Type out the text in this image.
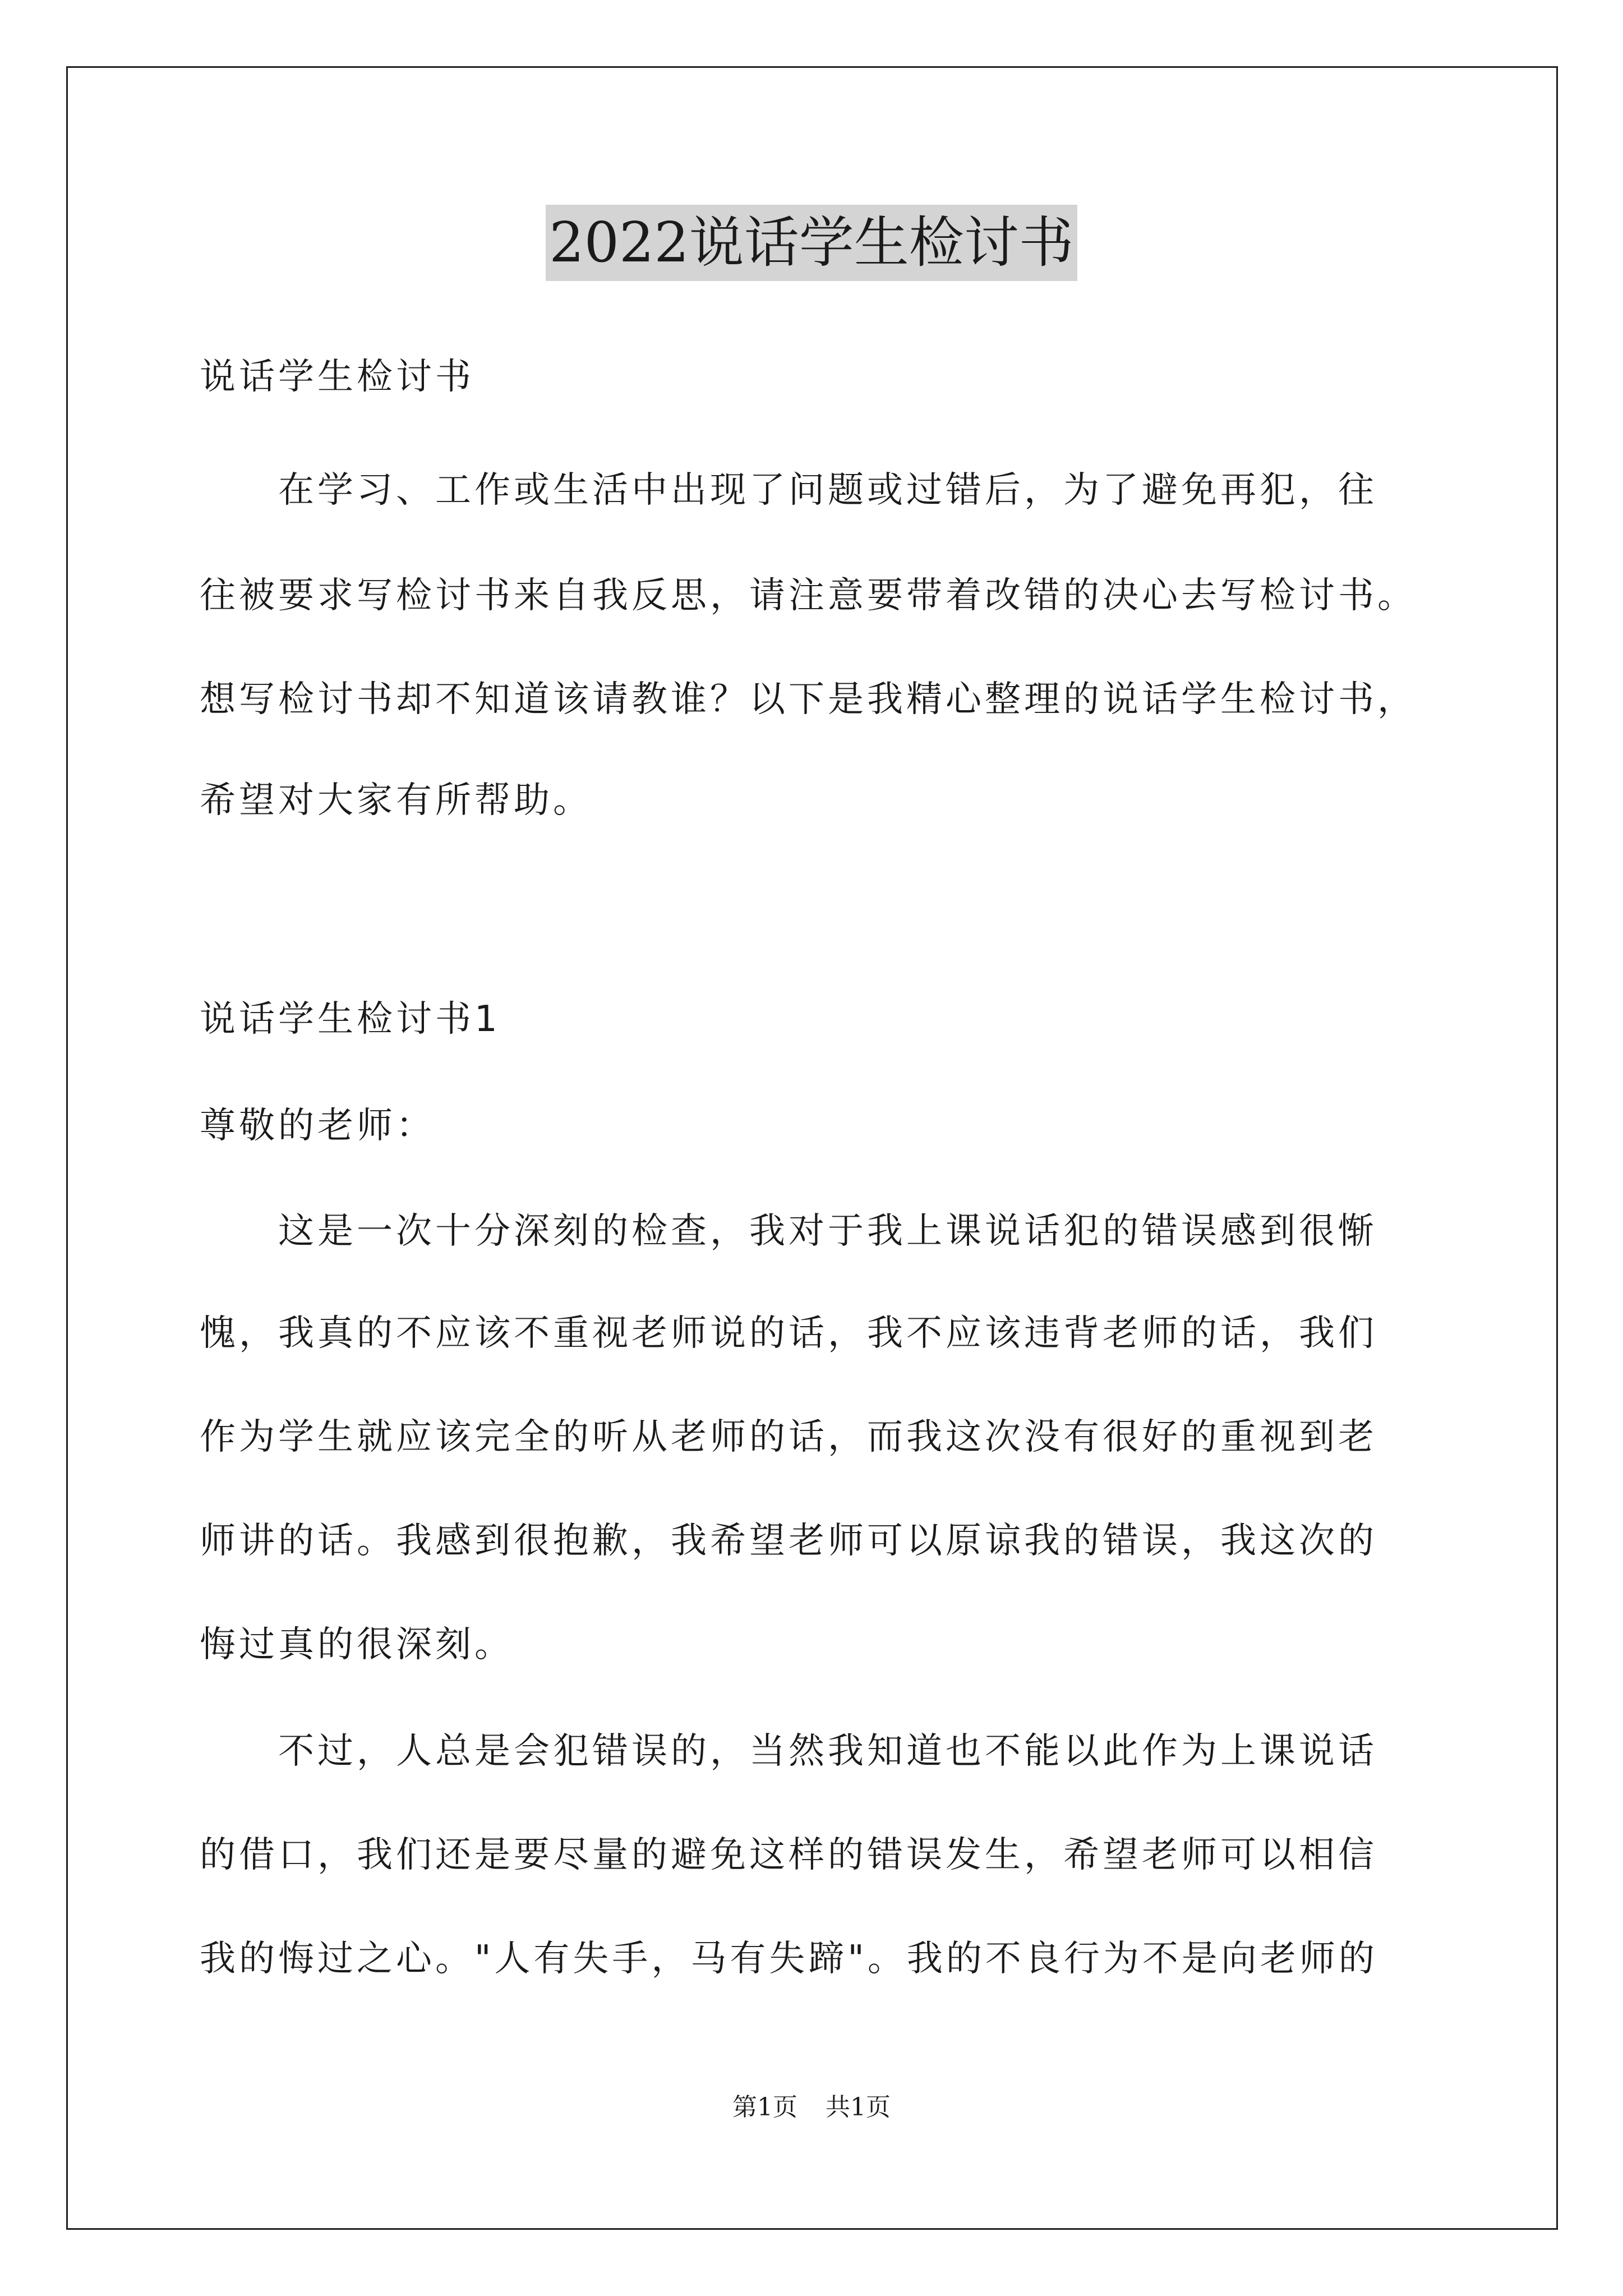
2022说话学生检讨书
说话学生检讨书
　　在学习、工作或生活中出现了问题或过错后，为了避免再犯，往
往被要求写检讨书来自我反思，请注意要带着改错的决心去写检讨书。
想写检讨书却不知道该请教谁？以下是我精心整理的说话学生检讨书，
希望对大家有所帮助。
说话学生检讨书1
尊敬的老师：
　　这是一次十分深刻的检查，我对于我上课说话犯的错误感到很惭
愧，我真的不应该不重视老师说的话，我不应该违背老师的话，我们
作为学生就应该完全的听从老师的话，而我这次没有很好的重视到老
师讲的话。我感到很抱歉，我希望老师可以原谅我的错误，我这次的
悔过真的很深刻。
　　不过，人总是会犯错误的，当然我知道也不能以此作为上课说话
的借口，我们还是要尽量的避免这样的错误发生，希望老师可以相信
我的悔过之心。"人有失手，马有失蹄"。我的不良行为不是向老师的
第1页 共1页
